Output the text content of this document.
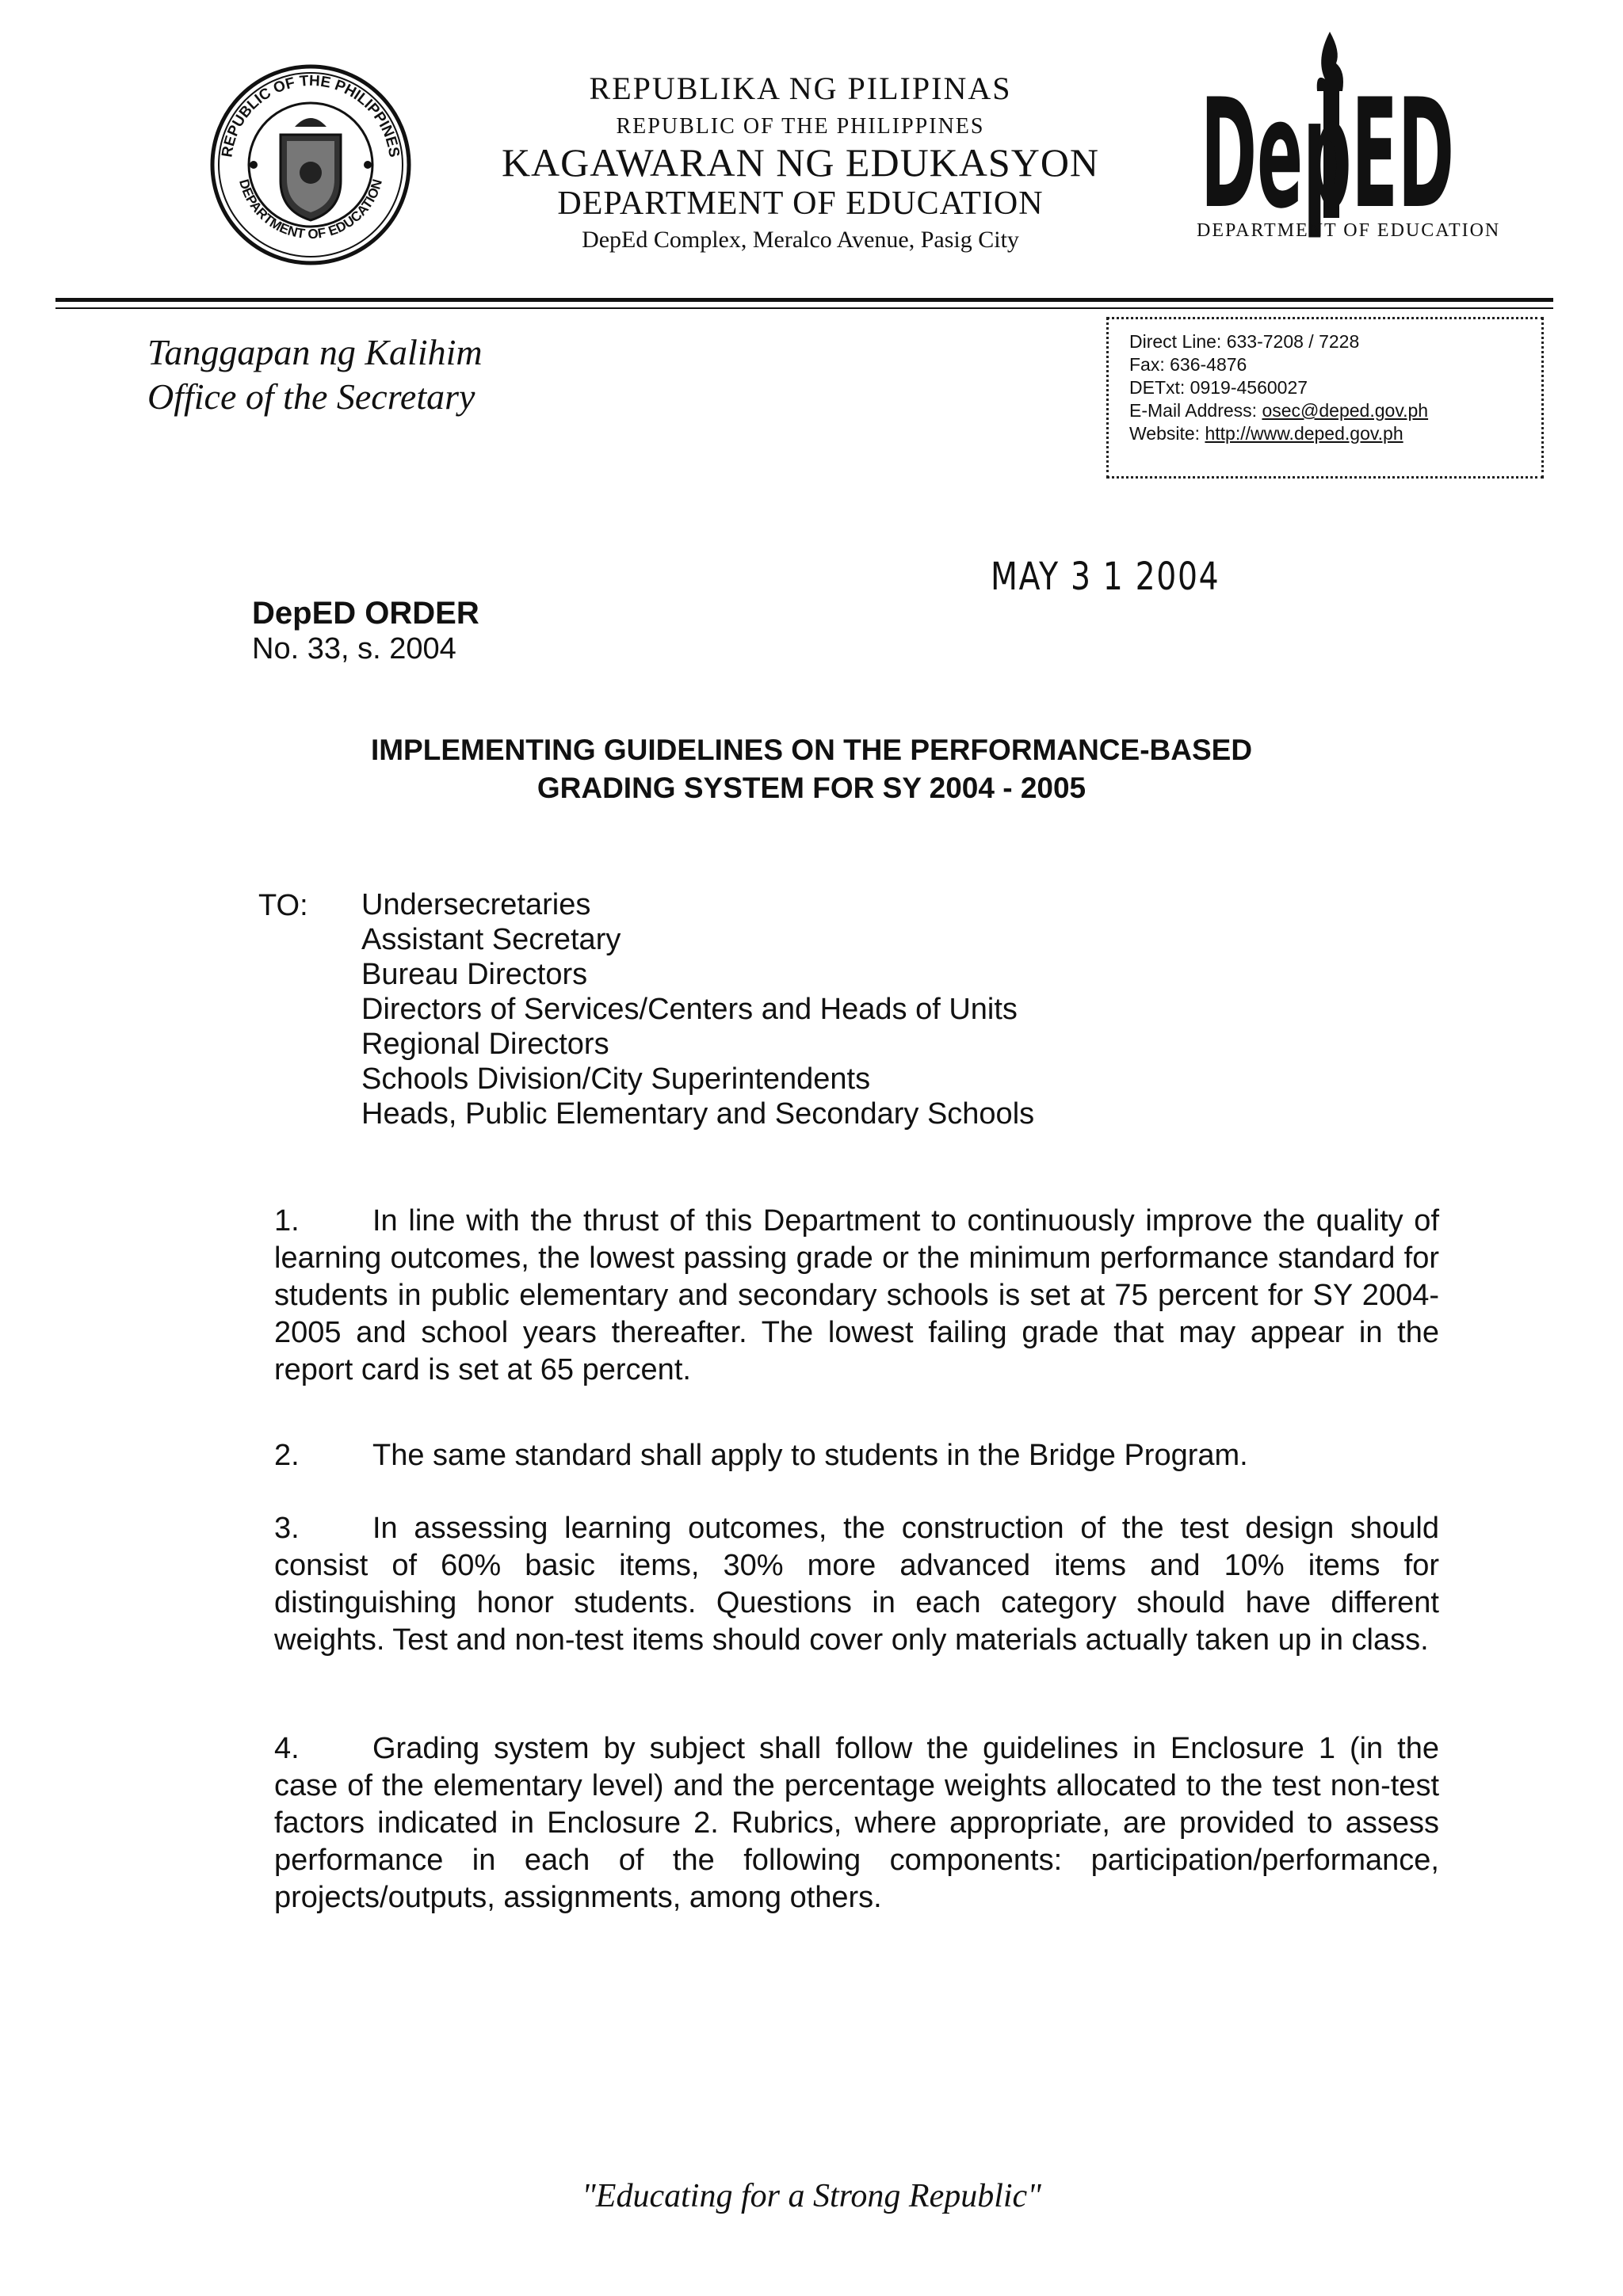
REPUBLIC OF THE PHILIPPINES
DEPARTMENT OF EDUCATION
REPUBLIKA NG PILIPINAS
REPUBLIC OF THE PHILIPPINES
KAGAWARAN NG EDUKASYON
DEPARTMENT OF EDUCATION
DepEd Complex, Meralco Avenue, Pasig City	DepED
DEPARTMENT OF EDUCATION
Tanggapan ng Kalihim
Office of the Secretary
Direct Line: 633-7208 / 7228
Fax: 636-4876
DETxt: 0919-4560027
E-Mail Address: osec@deped.gov.ph
Website: http://www.deped.gov.ph
MAY 3 1 2004
DepED ORDER
No. 33, s. 2004
IMPLEMENTING GUIDELINES ON THE PERFORMANCE-BASED
GRADING SYSTEM FOR SY 2004 - 2005
TO: Undersecretaries
Assistant Secretary
Bureau Directors
Directors of Services/Centers and Heads of Units
Regional Directors
Schools Division/City Superintendents
Heads, Public Elementary and Secondary Schools
1. In line with the thrust of this Department to continuously improve the quality of learning outcomes, the lowest passing grade or the minimum performance standard for students in public elementary and secondary schools is set at 75 percent for SY 2004-2005 and school years thereafter. The lowest failing grade that may appear in the report card is set at 65 percent.
2. The same standard shall apply to students in the Bridge Program.
3. In assessing learning outcomes, the construction of the test design should consist of 60% basic items, 30% more advanced items and 10% items for distinguishing honor students. Questions in each category should have different weights. Test and non-test items should cover only materials actually taken up in class.
4. Grading system by subject shall follow the guidelines in Enclosure 1 (in the case of the elementary level) and the percentage weights allocated to the test non-test factors indicated in Enclosure 2. Rubrics, where appropriate, are provided to assess performance in each of the following components: participation/performance, projects/outputs, assignments, among others.
"Educating for a Strong Republic"
